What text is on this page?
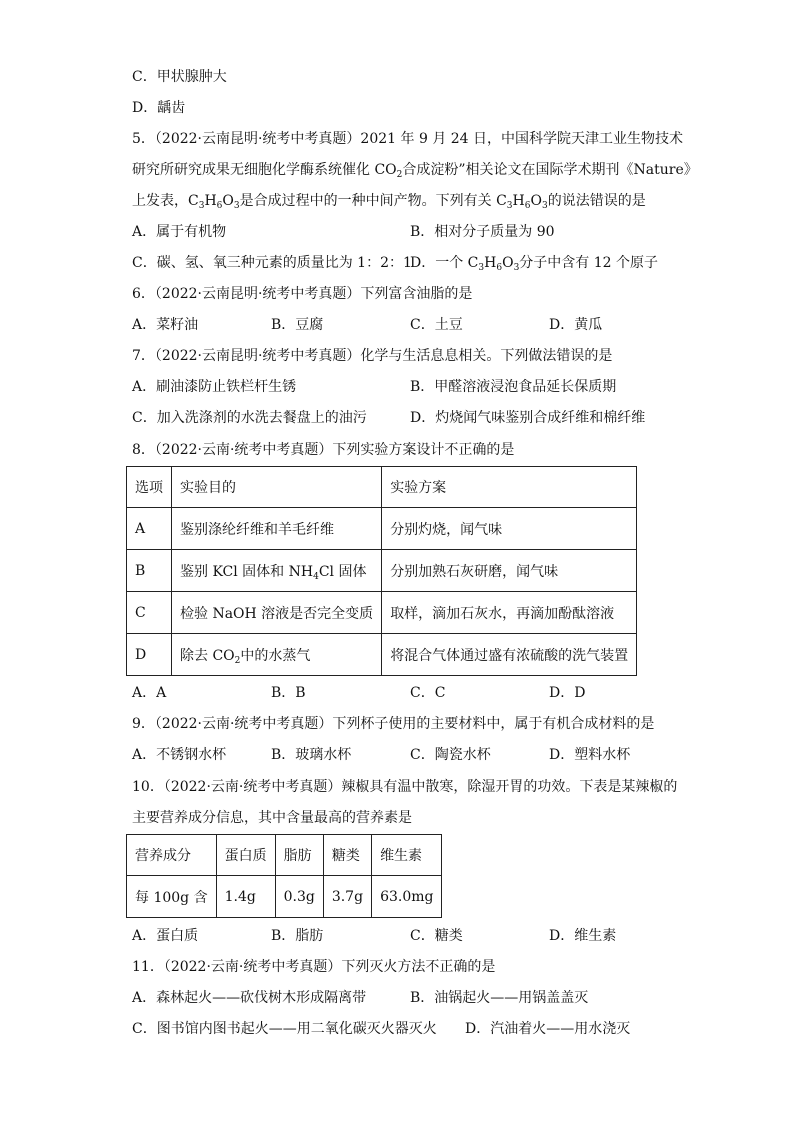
C．甲状腺肿大
D．龋齿
5．（2022·云南昆明·统考中考真题）2021 年 9 月 24 日，中国科学院天津工业生物技术
研究所研究成果无细胞化学酶系统催化 $CO_2$合成淀粉”相关论文在国际学术期刊《Nature》
上发表，$C_3H_6O_3$是合成过程中的一种中间产物。下列有关 $C_3H_6O_3$的说法错误的是
A．属于有机物	B．相对分子质量为 90
C．碳、氢、氧三种元素的质量比为 1：2：1
D．一个 $C_3H_6O_3$分子中含有 12 个原子
6．（2022·云南昆明·统考中考真题）下列富含油脂的是
A．菜籽油	B．豆腐	C．土豆	D．黄瓜
7．（2022·云南昆明·统考中考真题）化学与生活息息相关。下列做法错误的是
A．刷油漆防止铁栏杆生锈	B．甲醛溶液浸泡食品延长保质期
C．加入洗涤剂的水洗去餐盘上的油污	D．灼烧闻气味鉴别合成纤维和棉纤维
8．（2022·云南·统考中考真题）下列实验方案设计不正确的是
选项	实验目的	实验方案
A	鉴别涤纶纤维和羊毛纤维	分别灼烧，闻气味
B	鉴别 KCl 固体和 $NH_4Cl$ 固体	分别加熟石灰研磨，闻气味
C	检验 NaOH 溶液是否完全变质	取样，滴加石灰水，再滴加酚酞溶液
D	除去 $CO_2$中的水蒸气	将混合气体通过盛有浓硫酸的洗气装置
A．A	B．B	C．C	D．D
9．（2022·云南·统考中考真题）下列杯子使用的主要材料中，属于有机合成材料的是
A．不锈钢水杯	B．玻璃水杯	C．陶瓷水杯	D．塑料水杯
10．（2022·云南·统考中考真题）辣椒具有温中散寒，除湿开胃的功效。下表是某辣椒的
主要营养成分信息，其中含量最高的营养素是
营养成分	蛋白质	脂肪	糖类	维生素
每 100g 含	1.4g	0.3g	3.7g	63.0mg
A．蛋白质	B．脂肪	C．糖类	D．维生素
11．（2022·云南·统考中考真题）下列灭火方法不正确的是
A．森林起火——砍伐树木形成隔离带	B．油锅起火——用锅盖盖灭
C．图书馆内图书起火——用二氧化碳灭火器灭火 D．汽油着火——用水浇灭
